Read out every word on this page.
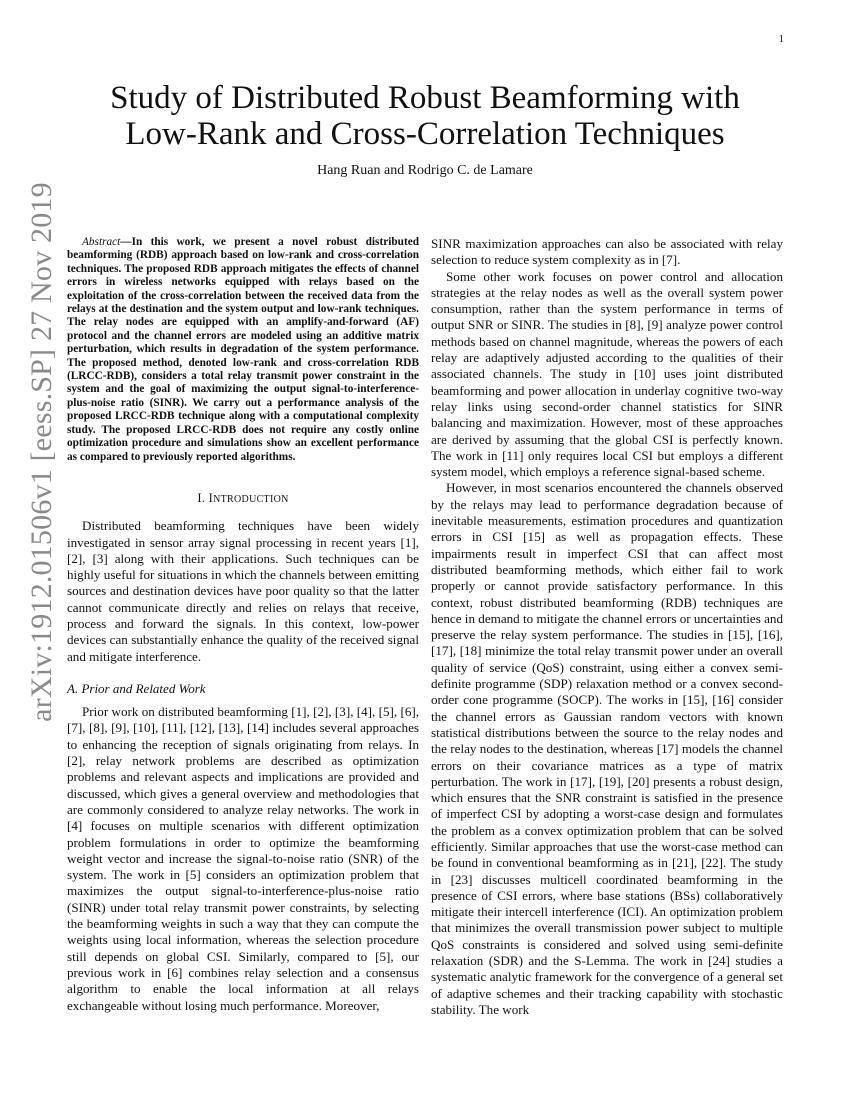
1
arXiv:1912.01506v1 [eess.SP] 27 Nov 2019
Study of Distributed Robust Beamforming with
Low-Rank and Cross-Correlation Techniques
Hang Ruan and Rodrigo C. de Lamare

Abstract—In this work, we present a novel robust distributed beamforming (RDB) approach based on low-rank and cross-correlation techniques. The proposed RDB approach mitigates the effects of channel errors in wireless networks equipped with relays based on the exploitation of the cross-correlation between the received data from the relays at the destination and the system output and low-rank techniques. The relay nodes are equipped with an amplify-and-forward (AF) protocol and the channel errors are modeled using an additive matrix perturbation, which results in degradation of the system performance. The proposed method, denoted low-rank and cross-correlation RDB (LRCC-RDB), considers a total relay transmit power constraint in the system and the goal of maximizing the output signal-to-interference-plus-noise ratio (SINR). We carry out a performance analysis of the proposed LRCC-RDB technique along with a computational complexity study. The proposed LRCC-RDB does not require any costly online optimization procedure and simulations show an excellent performance as compared to previously reported algorithms.

I. INTRODUCTION

Distributed beamforming techniques have been widely investigated in sensor array signal processing in recent years [1], [2], [3] along with their applications. Such techniques can be highly useful for situations in which the channels between emitting sources and destination devices have poor quality so that the latter cannot communicate directly and relies on relays that receive, process and forward the signals. In this context, low-power devices can substantially enhance the quality of the received signal and mitigate interference.

A. Prior and Related Work

Prior work on distributed beamforming [1], [2], [3], [4], [5], [6], [7], [8], [9], [10], [11], [12], [13], [14] includes several approaches to enhancing the reception of signals originating from relays. In [2], relay network problems are described as optimization problems and relevant aspects and implications are provided and discussed, which gives a general overview and methodologies that are commonly considered to analyze relay networks. The work in [4] focuses on multiple scenarios with different optimization problem formulations in order to optimize the beamforming weight vector and increase the signal-to-noise ratio (SNR) of the system. The work in [5] considers an optimization problem that maximizes the output signal-to-interference-plus-noise ratio (SINR) under total relay transmit power constraints, by selecting the beamforming weights in such a way that they can compute the weights using local information, whereas the selection procedure still depends on global CSI. Similarly, compared to [5], our previous work in [6] combines relay selection and a consensus algorithm to enable the local information at all relays exchangeable without losing much performance. Moreover,

SINR maximization approaches can also be associated with relay selection to reduce system complexity as in [7].

Some other work focuses on power control and allocation strategies at the relay nodes as well as the overall system power consumption, rather than the system performance in terms of output SNR or SINR. The studies in [8], [9] analyze power control methods based on channel magnitude, whereas the powers of each relay are adaptively adjusted according to the qualities of their associated channels. The study in [10] uses joint distributed beamforming and power allocation in underlay cognitive two-way relay links using second-order channel statistics for SINR balancing and maximization. However, most of these approaches are derived by assuming that the global CSI is perfectly known. The work in [11] only requires local CSI but employs a different system model, which employs a reference signal-based scheme.

However, in most scenarios encountered the channels observed by the relays may lead to performance degradation because of inevitable measurements, estimation procedures and quantization errors in CSI [15] as well as propagation effects. These impairments result in imperfect CSI that can affect most distributed beamforming methods, which either fail to work properly or cannot provide satisfactory performance. In this context, robust distributed beamforming (RDB) techniques are hence in demand to mitigate the channel errors or uncertainties and preserve the relay system performance. The studies in [15], [16], [17], [18] minimize the total relay transmit power under an overall quality of service (QoS) constraint, using either a convex semi-definite programme (SDP) relaxation method or a convex second-order cone programme (SOCP). The works in [15], [16] consider the channel errors as Gaussian random vectors with known statistical distributions between the source to the relay nodes and the relay nodes to the destination, whereas [17] models the channel errors on their covariance matrices as a type of matrix perturbation. The work in [17], [19], [20] presents a robust design, which ensures that the SNR constraint is satisfied in the presence of imperfect CSI by adopting a worst-case design and formulates the problem as a convex optimization problem that can be solved efficiently. Similar approaches that use the worst-case method can be found in conventional beamforming as in [21], [22]. The study in [23] discusses multicell coordinated beamforming in the presence of CSI errors, where base stations (BSs) collaboratively mitigate their intercell interference (ICI). An optimization problem that minimizes the overall transmission power subject to multiple QoS constraints is considered and solved using semi-definite relaxation (SDR) and the S-Lemma. The work in [24] studies a systematic analytic framework for the convergence of a general set of adaptive schemes and their tracking capability with stochastic stability. The work
